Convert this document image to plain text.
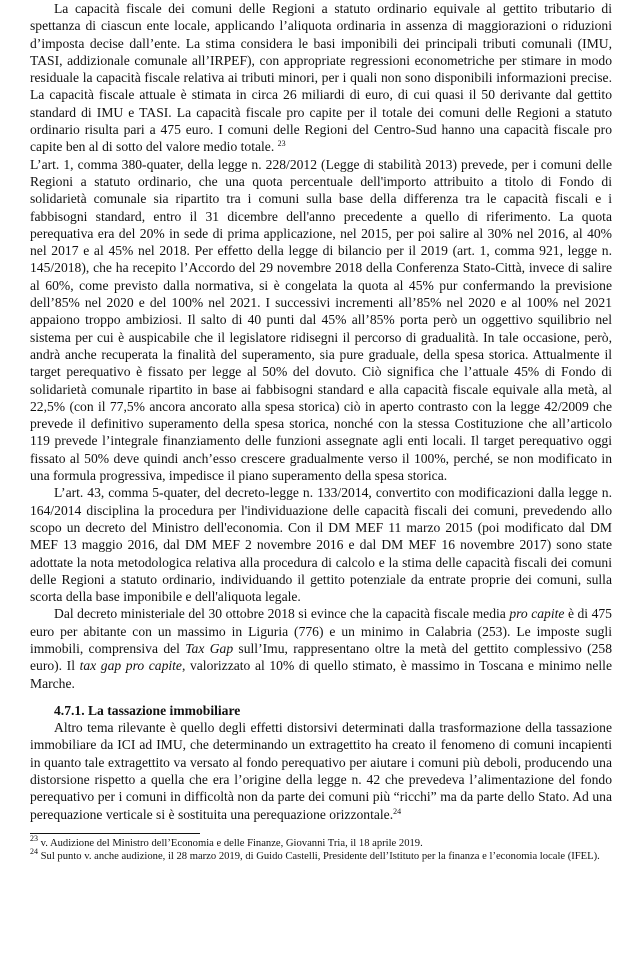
La capacità fiscale dei comuni delle Regioni a statuto ordinario equivale al gettito tributario di spettanza di ciascun ente locale, applicando l’aliquota ordinaria in assenza di maggiorazioni o riduzioni d’imposta decise dall’ente. La stima considera le basi imponibili dei principali tributi comunali (IMU, TASI, addizionale comunale all’IRPEF), con appropriate regressioni econometriche per stimare in modo residuale la capacità fiscale relativa ai tributi minori, per i quali non sono disponibili informazioni precise. La capacità fiscale attuale è stimata in circa 26 miliardi di euro, di cui quasi il 50 derivante dal gettito standard di IMU e TASI. La capacità fiscale pro capite per il totale dei comuni delle Regioni a statuto ordinario risulta pari a 475 euro. I comuni delle Regioni del Centro-Sud hanno una capacità fiscale pro capite ben al di sotto del valore medio totale. $^{23}$

L’art. 1, comma 380-quater, della legge n. 228/2012 (Legge di stabilità 2013) prevede, per i comuni delle Regioni a statuto ordinario, che una quota percentuale dell'importo attribuito a titolo di Fondo di solidarietà comunale sia ripartito tra i comuni sulla base della differenza tra le capacità fiscali e i fabbisogni standard, entro il 31 dicembre dell'anno precedente a quello di riferimento. La quota perequativa era del 20% in sede di prima applicazione, nel 2015, per poi salire al 30% nel 2016, al 40% nel 2017 e al 45% nel 2018. Per effetto della legge di bilancio per il 2019 (art. 1, comma 921, legge n. 145/2018), che ha recepito l’Accordo del 29 novembre 2018 della Conferenza Stato-Città, invece di salire al 60%, come previsto dalla normativa, si è congelata la quota al 45% pur confermando la previsione dell’85% nel 2020 e del 100% nel 2021. I successivi incrementi all’85% nel 2020 e al 100% nel 2021 appaiono troppo ambiziosi. Il salto di 40 punti dal 45% all’85% porta però un oggettivo squilibrio nel sistema per cui è auspicabile che il legislatore ridisegni il percorso di gradualità. In tale occasione, però, andrà anche recuperata la finalità del superamento, sia pure graduale, della spesa storica. Attualmente il target perequativo è fissato per legge al 50% del dovuto. Ciò significa che l’attuale 45% di Fondo di solidarietà comunale ripartito in base ai fabbisogni standard e alla capacità fiscale equivale alla metà, al 22,5% (con il 77,5% ancora ancorato alla spesa storica) ciò in aperto contrasto con la legge 42/2009 che prevede il definitivo superamento della spesa storica, nonché con la stessa Costituzione che all’articolo 119 prevede l’integrale finanziamento delle funzioni assegnate agli enti locali. Il target perequativo oggi fissato al 50% deve quindi anch’esso crescere gradualmente verso il 100%, perché, se non modificato in una formula progressiva, impedisce il piano superamento della spesa storica.

L’art. 43, comma 5-quater, del decreto-legge n. 133/2014, convertito con modificazioni dalla legge n. 164/2014 disciplina la procedura per l'individuazione delle capacità fiscali dei comuni, prevedendo allo scopo un decreto del Ministro dell'economia. Con il DM MEF 11 marzo 2015 (poi modificato dal DM MEF 13 maggio 2016, dal DM MEF 2 novembre 2016 e dal DM MEF 16 novembre 2017) sono state adottate la nota metodologica relativa alla procedura di calcolo e la stima delle capacità fiscali dei comuni delle Regioni a statuto ordinario, individuando il gettito potenziale da entrate proprie dei comuni, sulla scorta della base imponibile e dell'aliquota legale.

Dal decreto ministeriale del 30 ottobre 2018 si evince che la capacità fiscale media pro capite è di 475 euro per abitante con un massimo in Liguria (776) e un minimo in Calabria (253). Le imposte sugli immobili, comprensiva del Tax Gap sull’Imu, rappresentano oltre la metà del gettito complessivo (258 euro). Il tax gap pro capite, valorizzato al 10% di quello stimato, è massimo in Toscana e minimo nelle Marche.

4.7.1. La tassazione immobiliare

Altro tema rilevante è quello degli effetti distorsivi determinati dalla trasformazione della tassazione immobiliare da ICI ad IMU, che determinando un extragettito ha creato il fenomeno di comuni incapienti in quanto tale extragettito va versato al fondo perequativo per aiutare i comuni più deboli, producendo una distorsione rispetto a quella che era l’origine della legge n. 42 che prevedeva l’alimentazione del fondo perequativo per i comuni in difficoltà non da parte dei comuni più “ricchi” ma da parte dello Stato. Ad una perequazione verticale si è sostituita una perequazione orizzontale.$^{24}$

$^{23}$ v. Audizione del Ministro dell’Economia e delle Finanze, Giovanni Tria, il 18 aprile 2019.

$^{24}$ Sul punto v. anche audizione, il 28 marzo 2019, di Guido Castelli, Presidente dell’Istituto per la finanza e l’economia locale (IFEL).
